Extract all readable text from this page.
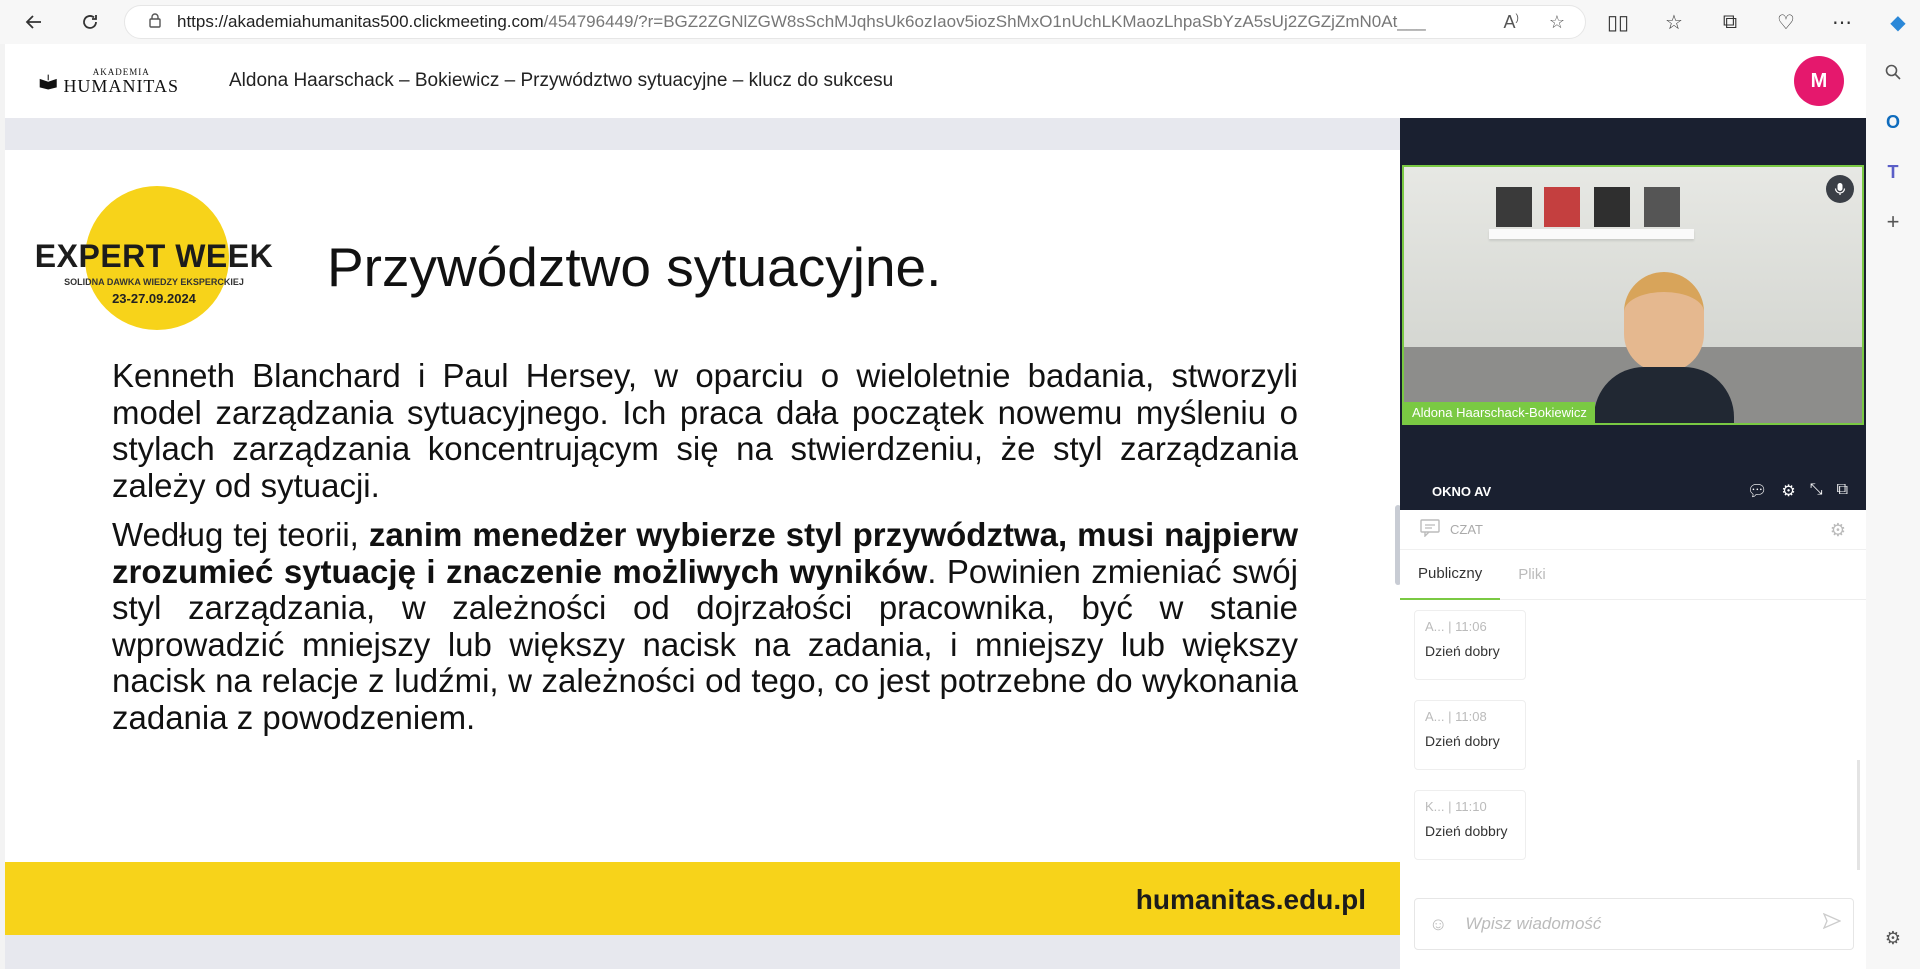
https://akademiahumanitas500.clickmeeting.com/454796449/?r=BGZ2ZGNlZGW8sSchMJqhsUk6ozIaov5iozShMxO1nUchLKMaozLhpaSbYzA5sUj2ZGZjZmN0At___	A) ☆	▯▯	☆	⧉	♡	⋯	◆
O
T
+
⚙
AKADEMIA
HUMANITAS	Aldona Haarschack – Bokiewicz – Przywództwo sytuacyjne – klucz do sukcesu	M
EXPERT WEEK
SOLIDNA DAWKA WIEDZY EKSPERCKIEJ
23-27.09.2024
Przywództwo sytuacyjne.

Kenneth Blanchard i Paul Hersey, w oparciu o wieloletnie badania, stworzyli model zarządzania sytuacyjnego. Ich praca dała początek nowemu myśleniu o stylach zarządzania koncentrującym się na stwierdzeniu, że styl zarządzania zależy od sytuacji.

Według tej teorii, zanim menedżer wybierze styl przywództwa, musi najpierw zrozumieć sytuację i znaczenie możliwych wyników. Powinien zmieniać swój styl zarządzania, w zależności od dojrzałości pracownika, być w stanie wprowadzić mniejszy lub większy nacisk na zadania, i mniejszy lub większy nacisk na relacje z ludźmi, w zależności od tego, co jest potrzebne do wykonania zadania z powodzeniem.

humanitas.edu.pl
Aldona Haarschack-Bokiewicz
OKNO AV	💬︎ ⚙ ⤡ ⧉
CZAT	⚙
Publiczny	Pliki
A... | 11:06
Dzień dobry
A... | 11:08
Dzień dobry
K... | 11:10
Dzień dobbry
☺
Wpisz wiadomość
